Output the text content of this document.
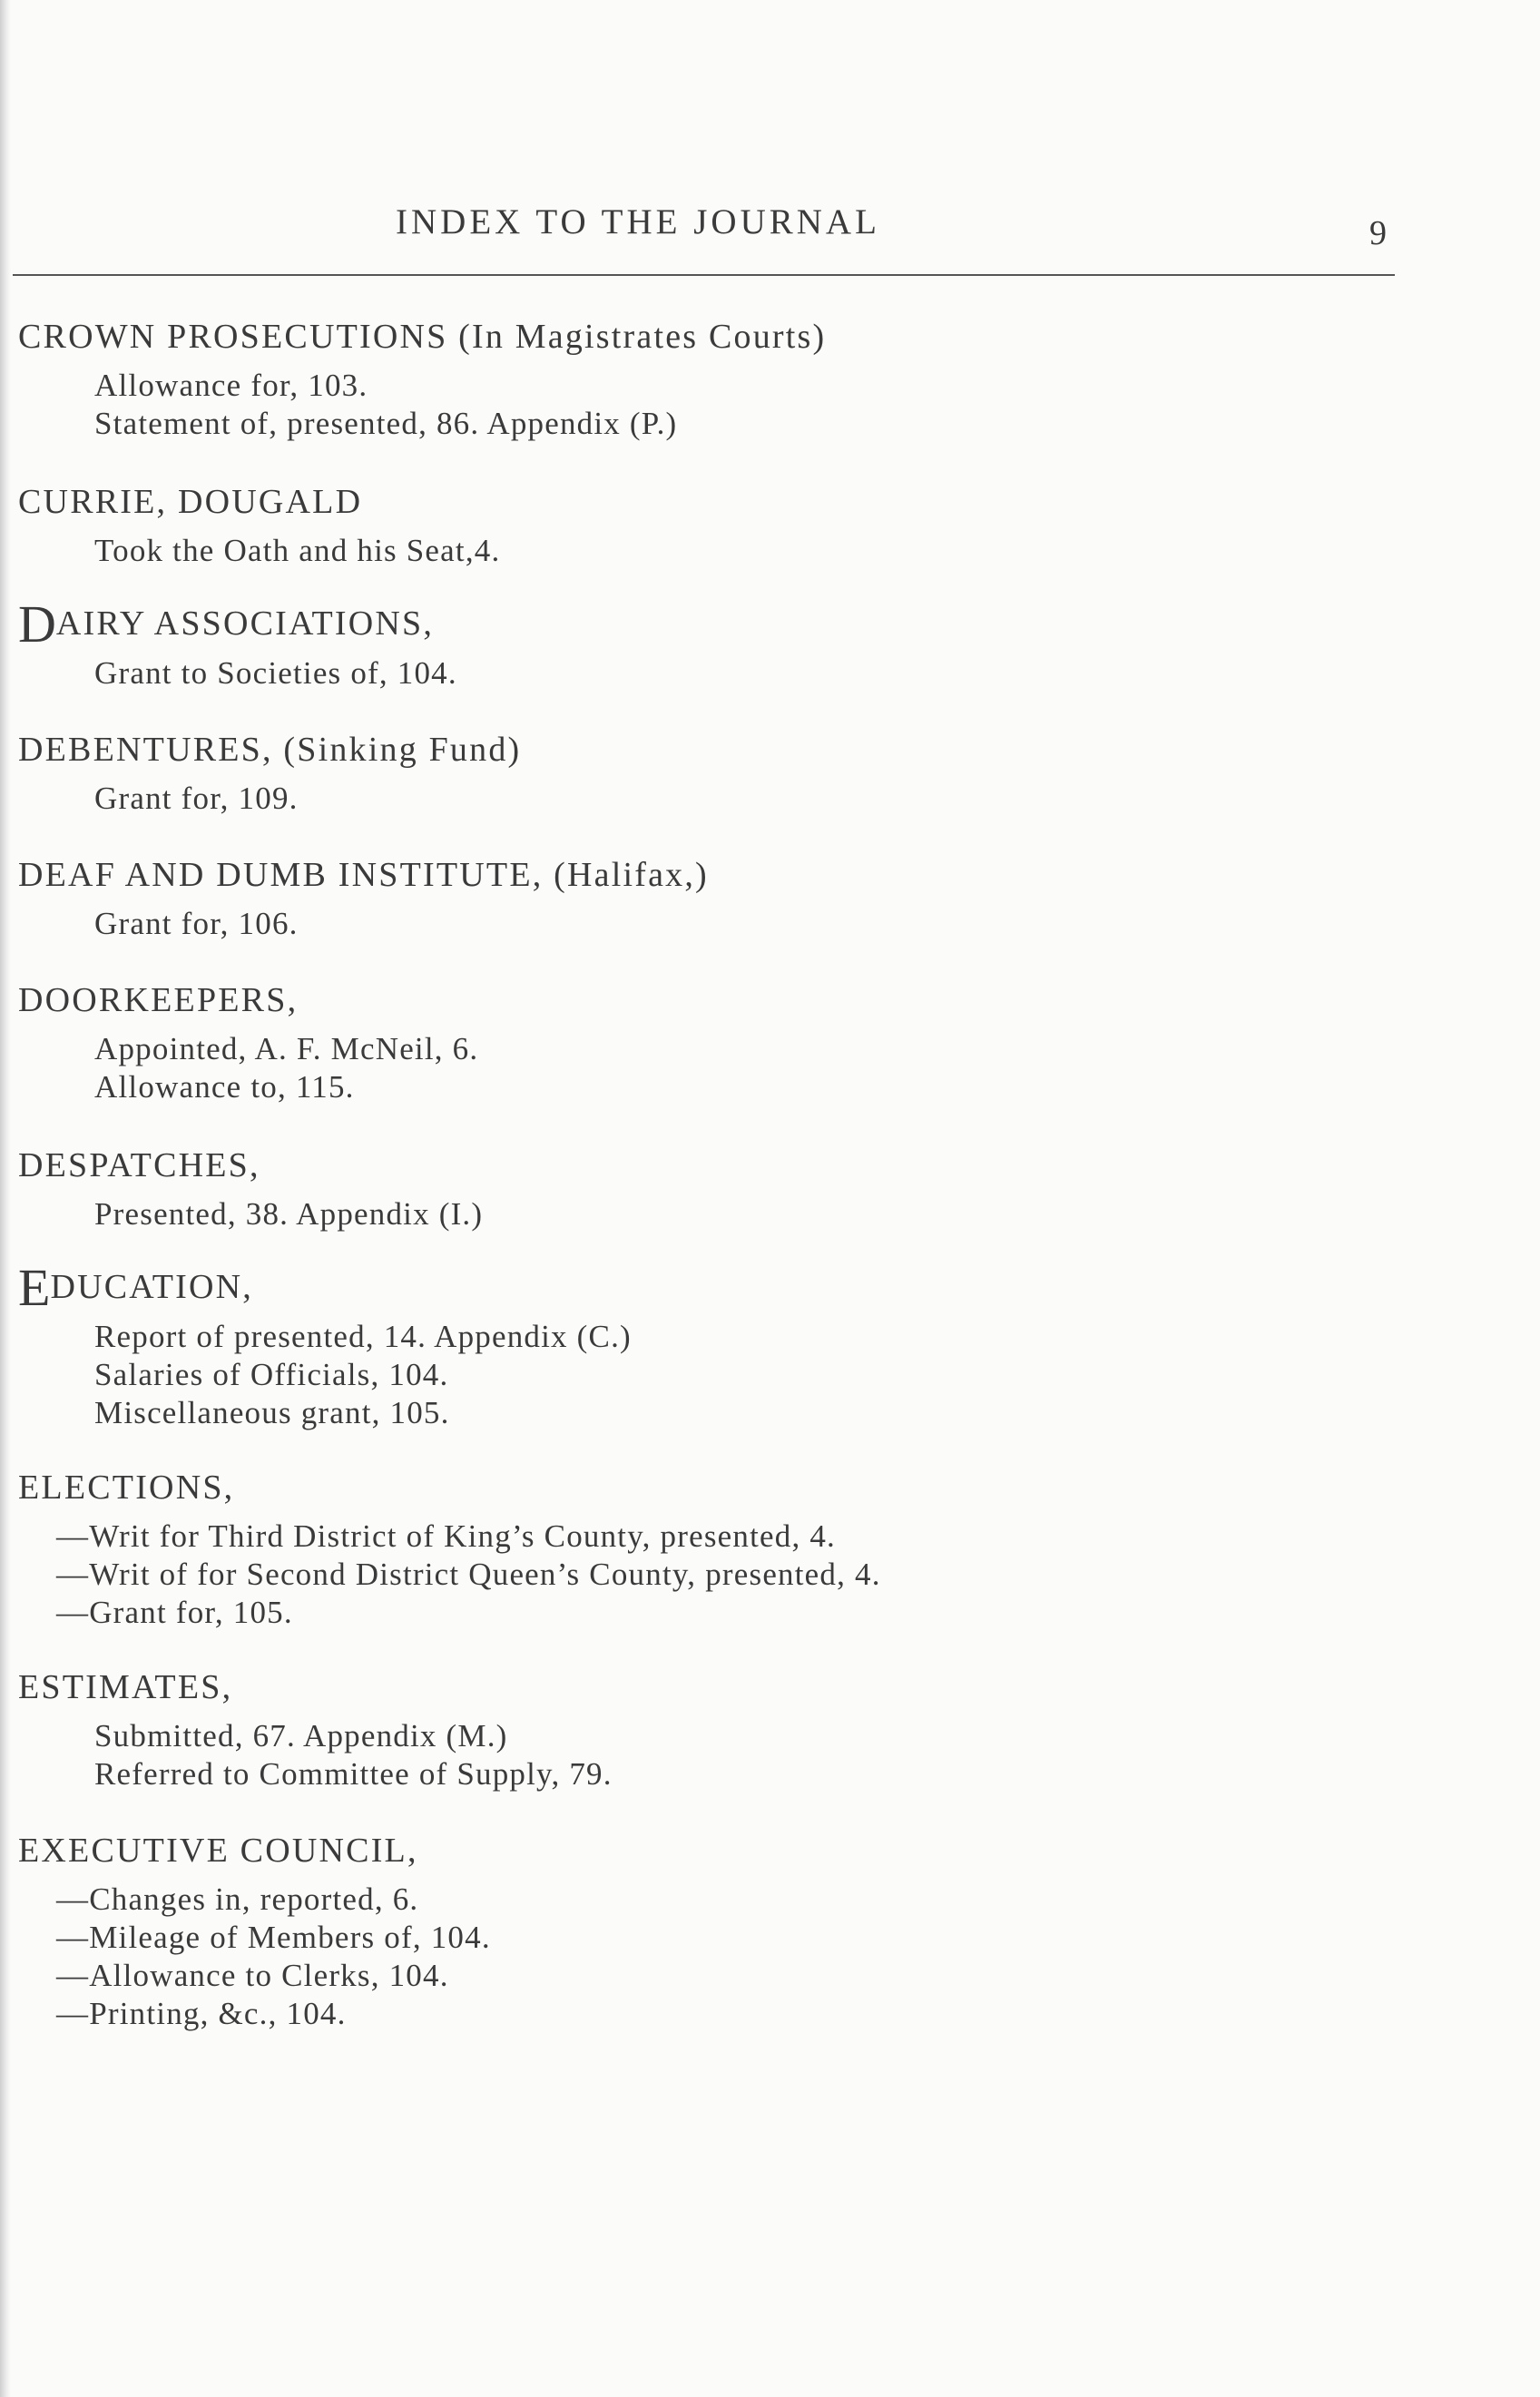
INDEX TO THE JOURNAL	9
CROWN PROSECUTIONS (In Magistrates Courts)
Allowance for, 103.
Statement of, presented, 86. Appendix (P.)
CURRIE, DOUGALD
Took the Oath and his Seat,4.
DAIRY ASSOCIATIONS,
Grant to Societies of, 104.
DEBENTURES, (Sinking Fund)
Grant for, 109.
DEAF AND DUMB INSTITUTE, (Halifax,)
Grant for, 106.
DOORKEEPERS,
Appointed, A. F. McNeil, 6.
Allowance to, 115.
DESPATCHES,
Presented, 38. Appendix (I.)
EDUCATION,
Report of presented, 14. Appendix (C.)
Salaries of Officials, 104.
Miscellaneous grant, 105.
ELECTIONS,
—Writ for Third District of King’s County, presented, 4.
—Writ of for Second District Queen’s County, presented, 4.
—Grant for, 105.
ESTIMATES,
Submitted, 67. Appendix (M.)
Referred to Committee of Supply, 79.
EXECUTIVE COUNCIL,
—Changes in, reported, 6.
—Mileage of Members of, 104.
—Allowance to Clerks, 104.
—Printing, &c., 104.
